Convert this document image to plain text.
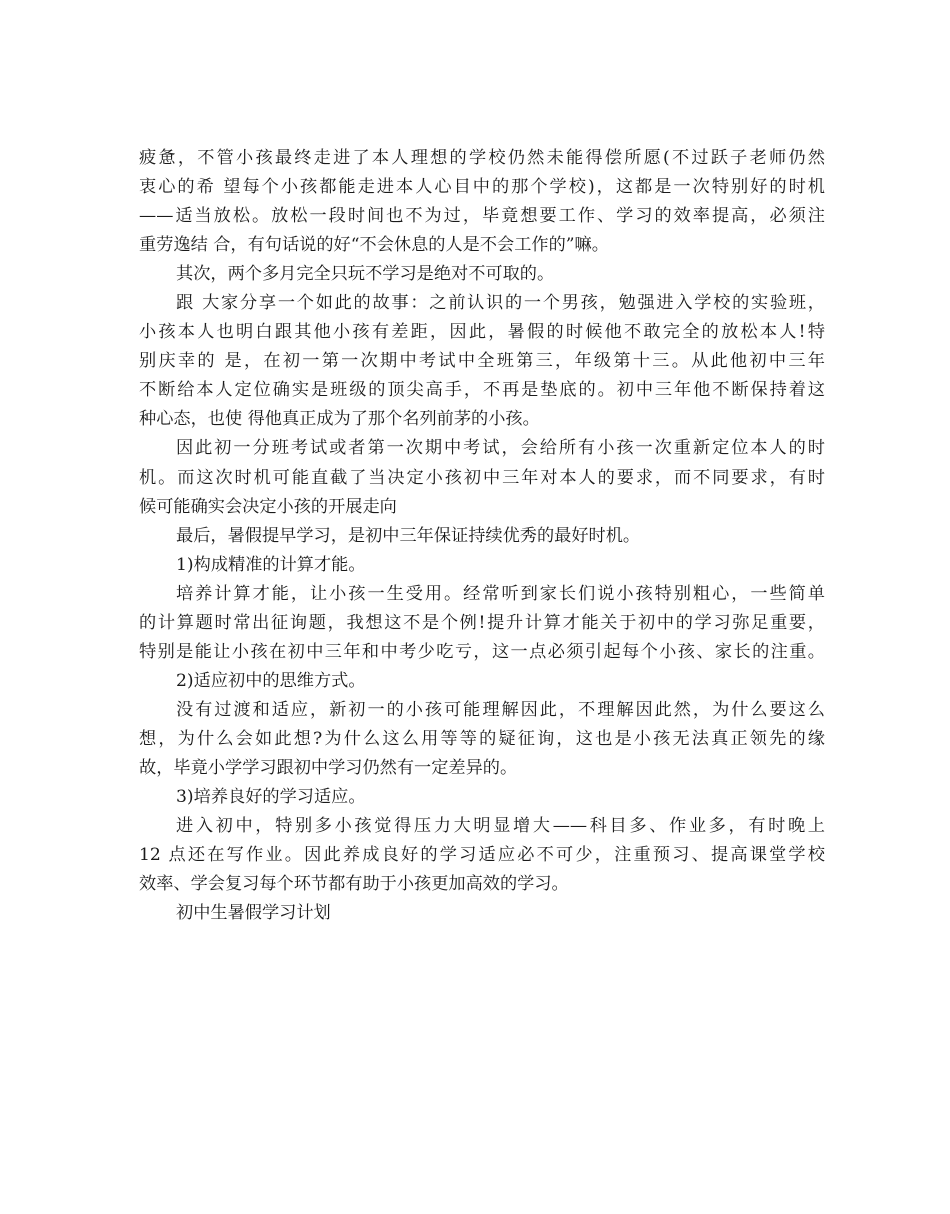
疲惫，不管小孩最终走进了本人理想的学校仍然未能得偿所愿(不过跃子老师仍然
衷心的希 望每个小孩都能走进本人心目中的那个学校)，这都是一次特别好的时机
——适当放松。放松一段时间也不为过，毕竟想要工作、学习的效率提高，必须注
重劳逸结 合，有句话说的好“不会休息的人是不会工作的”嘛。
其次，两个多月完全只玩不学习是绝对不可取的。
跟 大家分享一个如此的故事：之前认识的一个男孩，勉强进入学校的实验班，
小孩本人也明白跟其他小孩有差距，因此，暑假的时候他不敢完全的放松本人!特
别庆幸的 是，在初一第一次期中考试中全班第三，年级第十三。从此他初中三年
不断给本人定位确实是班级的顶尖高手，不再是垫底的。初中三年他不断保持着这
种心态，也使 得他真正成为了那个名列前茅的小孩。
因此初一分班考试或者第一次期中考试，会给所有小孩一次重新定位本人的时
机。而这次时机可能直截了当决定小孩初中三年对本人的要求，而不同要求，有时
候可能确实会决定小孩的开展走向
最后，暑假提早学习，是初中三年保证持续优秀的最好时机。
1)构成精准的计算才能。
培养计算才能，让小孩一生受用。经常听到家长们说小孩特别粗心，一些简单
的计算题时常出征询题，我想这不是个例!提升计算才能关于初中的学习弥足重要，
特别是能让小孩在初中三年和中考少吃亏，这一点必须引起每个小孩、家长的注重。
2)适应初中的思维方式。
没有过渡和适应，新初一的小孩可能理解因此，不理解因此然，为什么要这么
想，为什么会如此想?为什么这么用等等的疑征询，这也是小孩无法真正领先的缘
故，毕竟小学学习跟初中学习仍然有一定差异的。
3)培养良好的学习适应。
进入初中，特别多小孩觉得压力大明显增大——科目多、作业多，有时晚上
12 点还在写作业。因此养成良好的学习适应必不可少，注重预习、提高课堂学校
效率、学会复习每个环节都有助于小孩更加高效的学习。
初中生暑假学习计划
